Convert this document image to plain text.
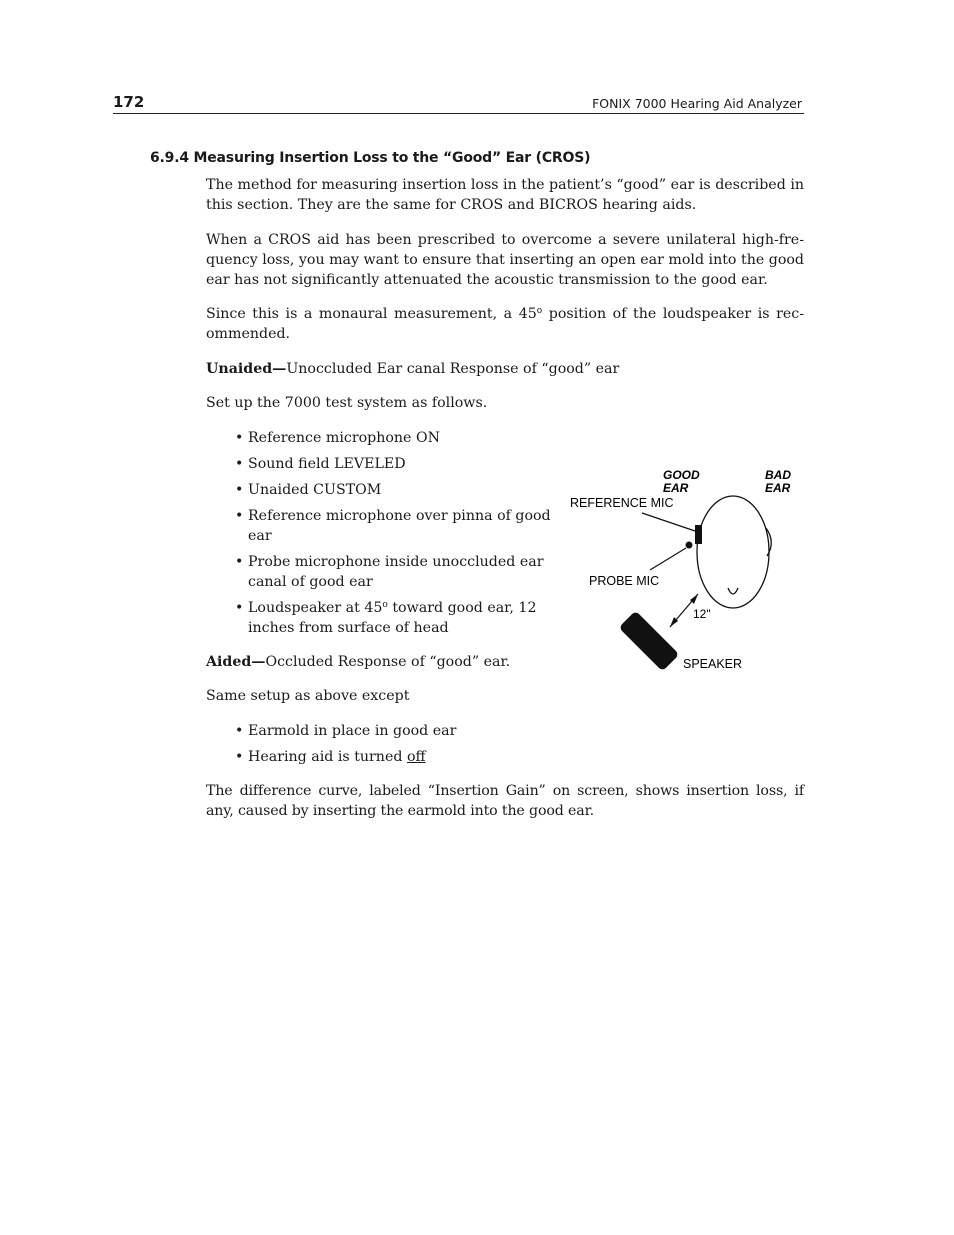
172	FONIX 7000 Hearing Aid Analyzer
6.9.4 Measuring Insertion Loss to the “Good” Ear (CROS)

The method for measuring insertion loss in the patient’s “good” ear is described in this section. They are the same for CROS and BICROS hearing aids.

When a CROS aid has been prescribed to overcome a severe unilateral high-fre- quency loss, you may want to ensure that inserting an open ear mold into the good ear has not significantly attenuated the acoustic transmission to the good ear.

Since this is a monaural measurement, a 45$^o$ position of the loudspeaker is rec- ommended.

Unaided—Unoccluded Ear canal Response of “good” ear

Set up the 7000 test system as follows.

• Reference microphone ON
• Sound field LEVELED
• Unaided CUSTOM
• Reference microphone over pinna of good ear
• Probe microphone inside unoccluded ear canal of good ear
• Loudspeaker at 45$^o$ toward good ear, 12 inches from surface of head

Aided—Occluded Response of “good” ear.

Same setup as above except

• Earmold in place in good ear
• Hearing aid is turned off

The difference curve, labeled “Insertion Gain” on screen, shows insertion loss, if any, caused by inserting the earmold into the good ear.

GOOD
EAR
BAD
EAR
REFERENCE MIC
PROBE MIC
12"
SPEAKER
